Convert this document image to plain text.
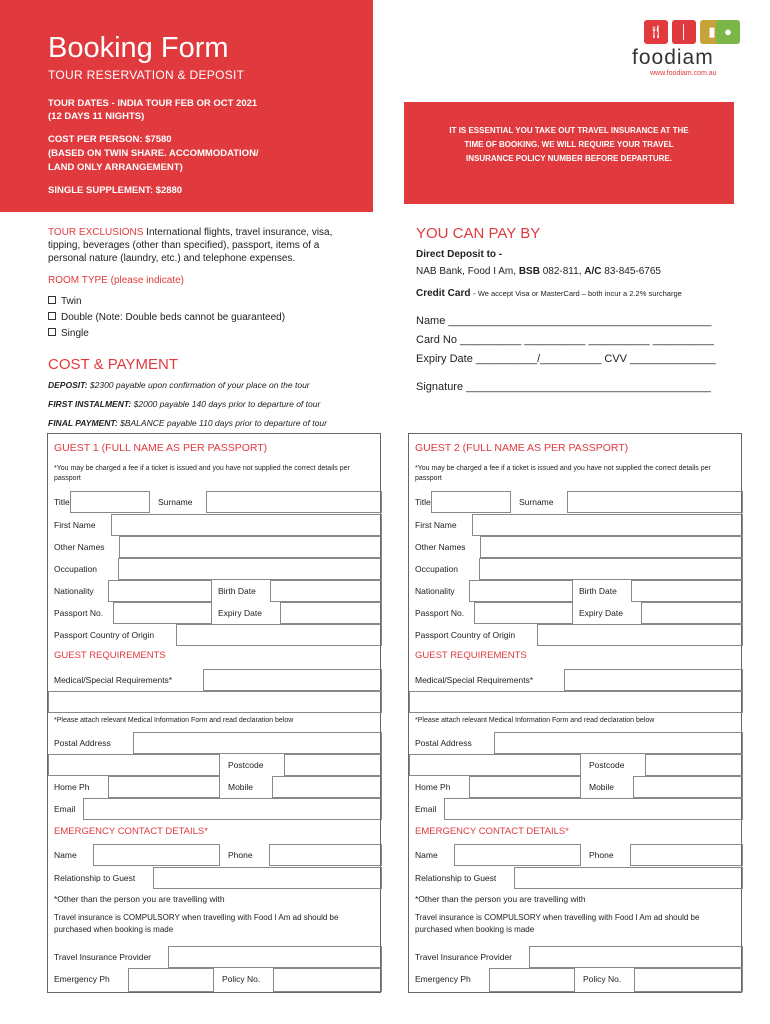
Booking Form
TOUR RESERVATION & DEPOSIT
TOUR DATES - INDIA TOUR FEB OR OCT 2021
(12 DAYS 11 NIGHTS)
COST PER PERSON: $7580
(BASED ON TWIN SHARE. ACCOMMODATION/
LAND ONLY ARRANGEMENT)
SINGLE SUPPLEMENT: $2880
🍴︎	│	▮ ●
foodiam
www.foodiam.com.au
IT IS ESSENTIAL YOU TAKE OUT TRAVEL INSURANCE AT THE TIME OF BOOKING. WE WILL REQUIRE YOUR TRAVEL INSURANCE POLICY NUMBER BEFORE DEPARTURE.
TOUR EXCLUSIONS International flights, travel insurance, visa, tipping, beverages (other than specified), passport, items of a personal nature (laundry, etc.) and telephone expenses.
ROOM TYPE (please indicate)
Twin
Double (Note: Double beds cannot be guaranteed)
Single
COST & PAYMENT
DEPOSIT: $2300 payable upon confirmation of your place on the tour
FIRST INSTALMENT: $2000 payable 140 days prior to departure of tour
FINAL PAYMENT: $BALANCE payable 110 days prior to departure of tour
YOU CAN PAY BY
Direct Deposit to -
NAB Bank, Food I Am, BSB 082-811, A/C 83-845-6765
Credit Card - We accept Visa or MasterCard – both incur a 2.2% surcharge
Name ___________________________________________
Card No __________ __________ __________ __________
Expiry Date __________/__________ CVV ______________
Signature ________________________________________
GUEST 1 (FULL NAME AS PER PASSPORT)
*You may be charged a fee if a ticket is issued and you have not supplied the correct details per passport
Title	Surname
First Name
Other Names
Occupation
Nationality	Birth Date
Passport No.	Expiry Date
Passport Country of Origin
GUEST REQUIREMENTS
Medical/Special Requirements*
*Please attach relevant Medical Information Form and read declaration below
Postal Address
Postcode
Home Ph	Mobile
Email
EMERGENCY CONTACT DETAILS*
Name	Phone
Relationship to Guest
*Other than the person you are travelling with
Travel insurance is COMPULSORY when travelling with Food I Am ad should be purchased when booking is made
Travel Insurance Provider
Emergency Ph	Policy No.
GUEST 2 (FULL NAME AS PER PASSPORT)
*You may be charged a fee if a ticket is issued and you have not supplied the correct details per passport
Title	Surname
First Name
Other Names
Occupation
Nationality	Birth Date
Passport No.	Expiry Date
Passport Country of Origin
GUEST REQUIREMENTS
Medical/Special Requirements*
*Please attach relevant Medical Information Form and read declaration below
Postal Address
Postcode
Home Ph	Mobile
Email
EMERGENCY CONTACT DETAILS*
Name	Phone
Relationship to Guest
*Other than the person you are travelling with
Travel insurance is COMPULSORY when travelling with Food I Am ad should be purchased when booking is made
Travel Insurance Provider
Emergency Ph	Policy No.
